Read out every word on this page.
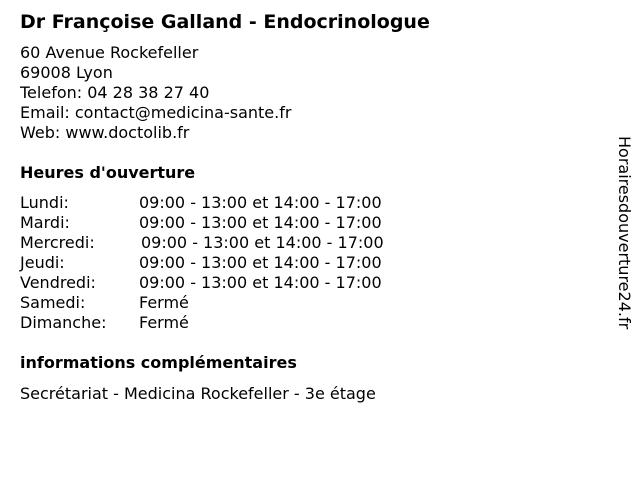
Dr Françoise Galland - Endocrinologue
60 Avenue Rockefeller
69008 Lyon
Telefon: 04 28 38 27 40
Email: contact@medicina-sante.fr
Web: www.doctolib.fr
Heures d'ouverture
Lundi:	09:00 - 13:00 et 14:00 - 17:00
Mardi:	09:00 - 13:00 et 14:00 - 17:00
Mercredi:	09:00 - 13:00 et 14:00 - 17:00
Jeudi:	09:00 - 13:00 et 14:00 - 17:00
Vendredi:	09:00 - 13:00 et 14:00 - 17:00
Samedi:	Fermé
Dimanche: Fermé
informations complémentaires
Secrétariat - Medicina Rockefeller - 3e étage
Horairesdouverture24.fr
